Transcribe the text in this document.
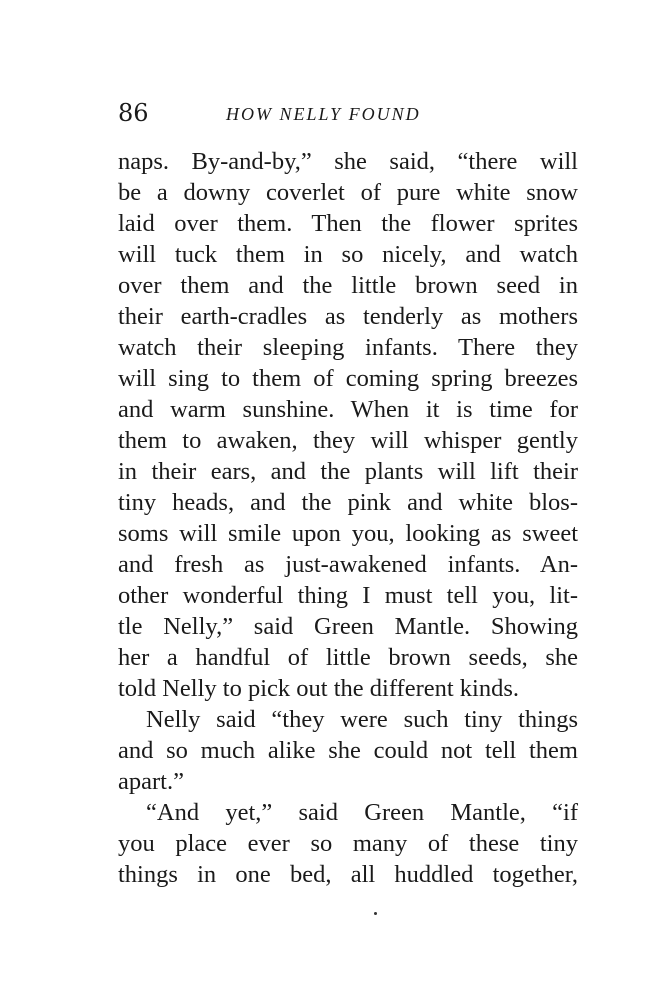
86	HOW NELLY FOUND
naps. By-and-by,” she said, “there will
be a downy coverlet of pure white snow
laid over them. Then the flower sprites
will tuck them in so nicely, and watch
over them and the little brown seed in
their earth-cradles as tenderly as mothers
watch their sleeping infants. There they
will sing to them of coming spring breezes
and warm sunshine. When it is time for
them to awaken, they will whisper gently
in their ears, and the plants will lift their
tiny heads, and the pink and white blos-
soms will smile upon you, looking as sweet
and fresh as just-awakened infants. An-
other wonderful thing I must tell you, lit-
tle Nelly,” said Green Mantle. Showing
her a handful of little brown seeds, she
told Nelly to pick out the different kinds.
Nelly said “they were such tiny things
and so much alike she could not tell them
apart.”
“And yet,” said Green Mantle, “if
you place ever so many of these tiny
things in one bed, all huddled together,
